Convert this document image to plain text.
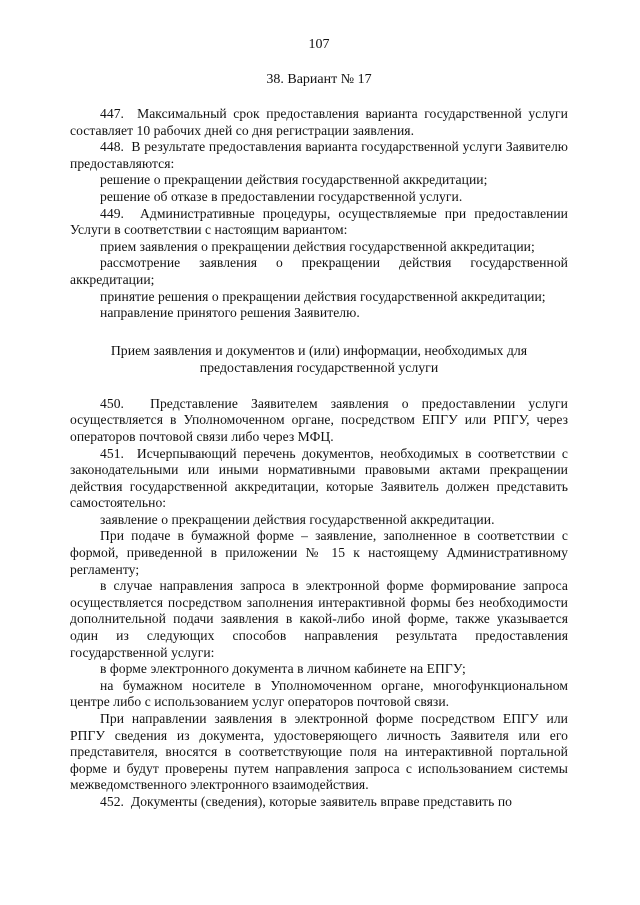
107
38. Вариант № 17

447.  Максимальный срок предоставления варианта государственной услуги составляет 10 рабочих дней со дня регистрации заявления.

448.  В результате предоставления варианта государственной услуги Заявителю предоставляются:

решение о прекращении действия государственной аккредитации;

решение об отказе в предоставлении государственной услуги.

449.  Административные процедуры, осуществляемые при предоставлении Услуги в соответствии с настоящим вариантом:

прием заявления о прекращении действия государственной аккредитации;

рассмотрение заявления о прекращении действия государственной аккредитации;

принятие решения о прекращении действия государственной аккредитации;

направление принятого решения Заявителю.

Прием заявления и документов и (или) информации, необходимых для предоставления государственной услуги

450.  Представление Заявителем заявления о предоставлении услуги осуществляется в Уполномоченном органе, посредством ЕПГУ или РПГУ, через операторов почтовой связи либо через МФЦ.

451.  Исчерпывающий перечень документов, необходимых в соответствии с законодательными или иными нормативными правовыми актами прекращении действия государственной аккредитации, которые Заявитель должен представить самостоятельно:

заявление о прекращении действия государственной аккредитации.

При подаче в бумажной форме – заявление, заполненное в соответствии с формой, приведенной в приложении № 15 к настоящему Административному регламенту;

в случае направления запроса в электронной форме формирование запроса осуществляется посредством заполнения интерактивной формы без необходимости дополнительной подачи заявления в какой-либо иной форме, также указывается один из следующих способов направления результата предоставления государственной услуги:

в форме электронного документа в личном кабинете на ЕПГУ;

на бумажном носителе в Уполномоченном органе, многофункциональном центре либо с использованием услуг операторов почтовой связи.

При направлении заявления в электронной форме посредством ЕПГУ или РПГУ сведения из документа, удостоверяющего личность Заявителя или его представителя, вносятся в соответствующие поля на интерактивной портальной форме и будут проверены путем направления запроса с использованием системы межведомственного электронного взаимодействия.

452.  Документы (сведения), которые заявитель вправе представить по
